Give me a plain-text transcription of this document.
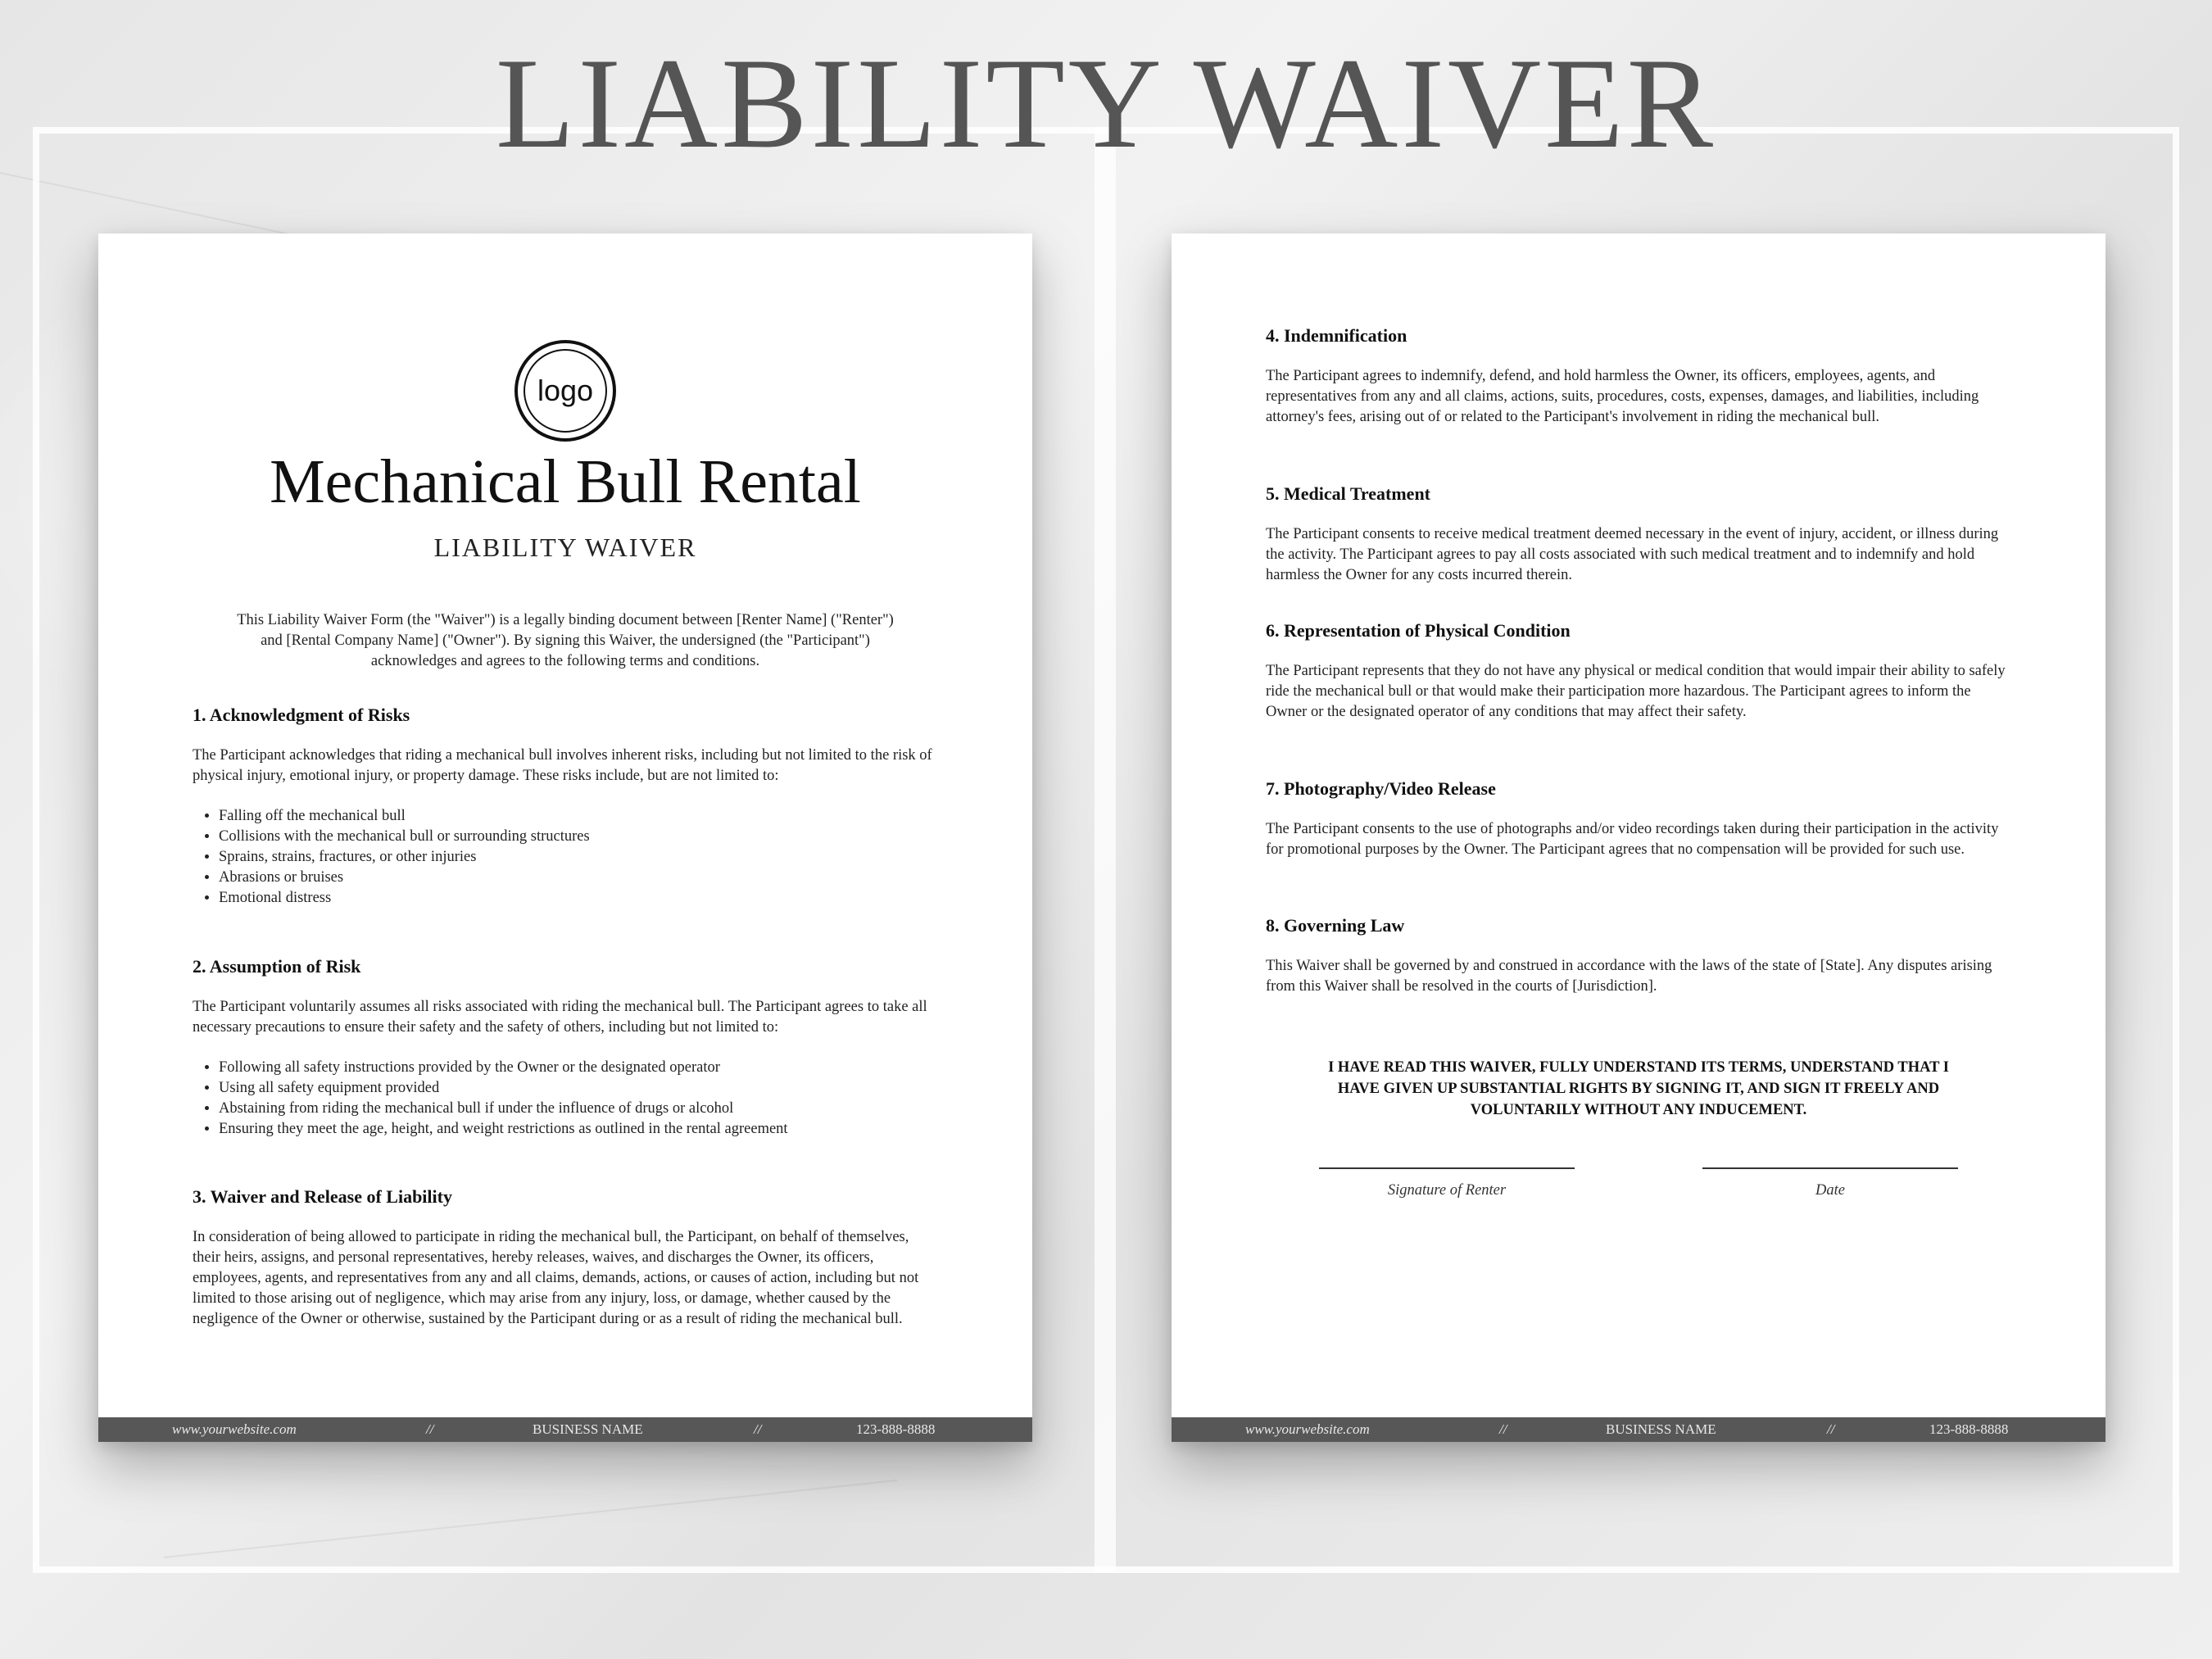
LIABILITY WAIVER
logo
Mechanical Bull Rental
LIABILITY WAIVER

This Liability Waiver Form (the "Waiver") is a legally binding document between [Renter Name] ("Renter") and [Rental Company Name] ("Owner"). By signing this Waiver, the undersigned (the "Participant") acknowledges and agrees to the following terms and conditions.

1. Acknowledgment of Risks

The Participant acknowledges that riding a mechanical bull involves inherent risks, including but not limited to the risk of physical injury, emotional injury, or property damage. These risks include, but are not limited to:

• Falling off the mechanical bull
• Collisions with the mechanical bull or surrounding structures
• Sprains, strains, fractures, or other injuries
• Abrasions or bruises
• Emotional distress
2. Assumption of Risk

The Participant voluntarily assumes all risks associated with riding the mechanical bull. The Participant agrees to take all necessary precautions to ensure their safety and the safety of others, including but not limited to:

• Following all safety instructions provided by the Owner or the designated operator
• Using all safety equipment provided
• Abstaining from riding the mechanical bull if under the influence of drugs or alcohol
• Ensuring they meet the age, height, and weight restrictions as outlined in the rental agreement
3. Waiver and Release of Liability

In consideration of being allowed to participate in riding the mechanical bull, the Participant, on behalf of themselves, their heirs, assigns, and personal representatives, hereby releases, waives, and discharges the Owner, its officers, employees, agents, and representatives from any and all claims, demands, actions, or causes of action, including but not limited to those arising out of negligence, which may arise from any injury, loss, or damage, whether caused by the negligence of the Owner or otherwise, sustained by the Participant during or as a result of riding the mechanical bull.

www.yourwebsite.com	//	BUSINESS NAME	//	123-888-8888
4. Indemnification

The Participant agrees to indemnify, defend, and hold harmless the Owner, its officers, employees, agents, and representatives from any and all claims, actions, suits, procedures, costs, expenses, damages, and liabilities, including attorney's fees, arising out of or related to the Participant's involvement in riding the mechanical bull.

5. Medical Treatment

The Participant consents to receive medical treatment deemed necessary in the event of injury, accident, or illness during the activity. The Participant agrees to pay all costs associated with such medical treatment and to indemnify and hold harmless the Owner for any costs incurred therein.

6. Representation of Physical Condition

The Participant represents that they do not have any physical or medical condition that would impair their ability to safely ride the mechanical bull or that would make their participation more hazardous. The Participant agrees to inform the Owner or the designated operator of any conditions that may affect their safety.

7. Photography/Video Release

The Participant consents to the use of photographs and/or video recordings taken during their participation in the activity for promotional purposes by the Owner. The Participant agrees that no compensation will be provided for such use.

8. Governing Law

This Waiver shall be governed by and construed in accordance with the laws of the state of [State]. Any disputes arising from this Waiver shall be resolved in the courts of [Jurisdiction].

I HAVE READ THIS WAIVER, FULLY UNDERSTAND ITS TERMS, UNDERSTAND THAT I HAVE GIVEN UP SUBSTANTIAL RIGHTS BY SIGNING IT, AND SIGN IT FREELY AND VOLUNTARILY WITHOUT ANY INDUCEMENT.
Signature of Renter	Date
www.yourwebsite.com	//	BUSINESS NAME	//	123-888-8888
